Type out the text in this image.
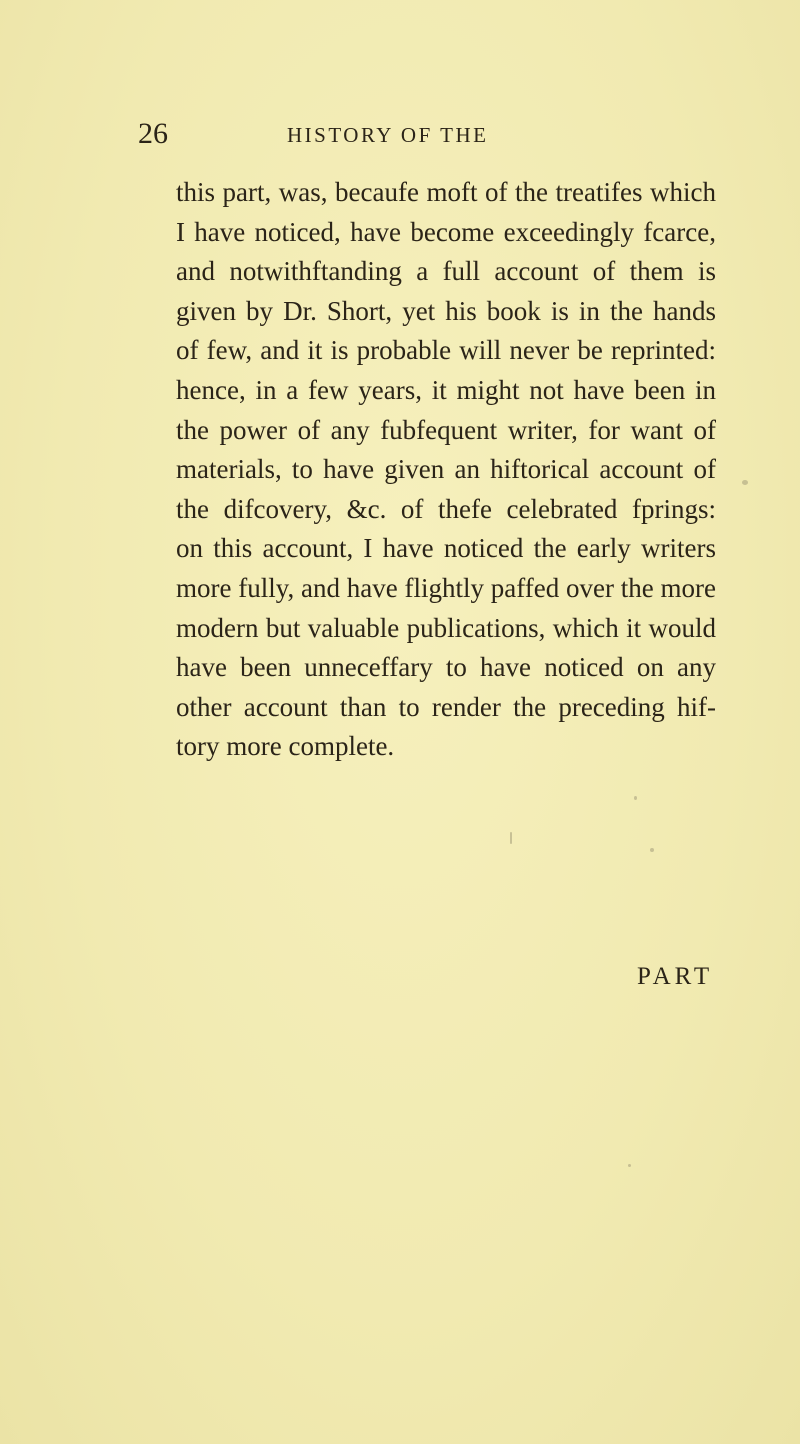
26	HISTORY OF THE
this part, was, becaufe moft of the treatifes which
I have noticed, have become exceedingly fcarce,
and notwithftanding a full account of them is
given by Dr. Short, yet his book is in the hands
of few, and it is probable will never be reprinted:
hence, in a few years, it might not have been in
the power of any fubfequent writer, for want of
materials, to have given an hiftorical account of
the difcovery, &c. of thefe celebrated fprings:
on this account, I have noticed the early writers
more fully, and have flightly paffed over the more
modern but valuable publications, which it would
have been unneceffary to have noticed on any
other account than to render the preceding hif-
tory more complete.
PART
